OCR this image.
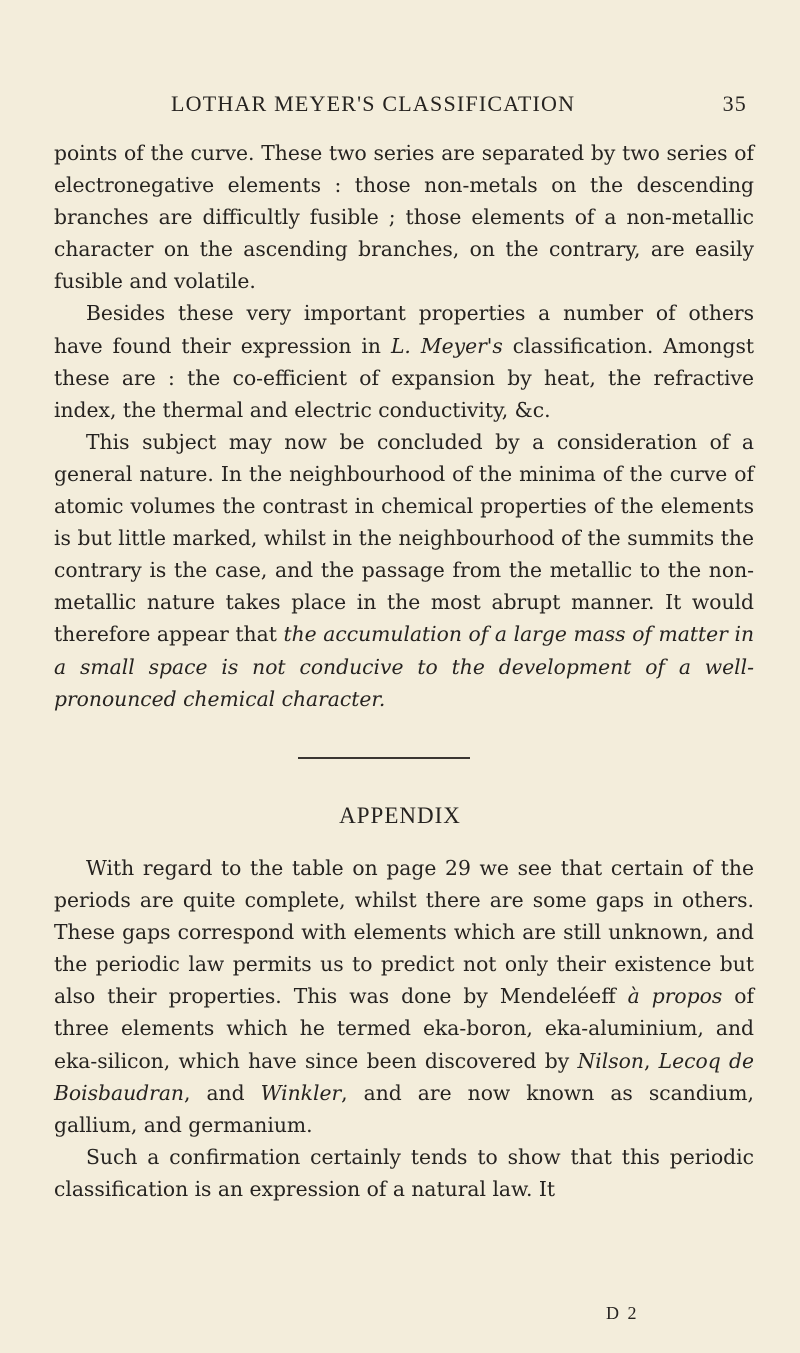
LOTHAR MEYER'S CLASSIFICATION	35

points of the curve. These two series are separated by two series of electronegative elements : those non-metals on the descending branches are difficultly fusible ; those elements of a non-metallic character on the ascending branches, on the contrary, are easily fusible and volatile.

Besides these very important properties a number of others have found their expression in L. Meyer's classification. Amongst these are : the co-efficient of expansion by heat, the refractive index, the thermal and electric conductivity, &c.

This subject may now be concluded by a consideration of a general nature. In the neighbourhood of the minima of the curve of atomic volumes the contrast in chemical properties of the elements is but little marked, whilst in the neighbourhood of the summits the contrary is the case, and the passage from the metallic to the non-metallic nature takes place in the most abrupt manner. It would therefore appear that the accumulation of a large mass of matter in a small space is not conducive to the development of a well-pronounced chemical character.

APPENDIX

With regard to the table on page 29 we see that certain of the periods are quite complete, whilst there are some gaps in others. These gaps correspond with elements which are still unknown, and the periodic law permits us to predict not only their existence but also their properties. This was done by Mendeléeff à propos of three elements which he termed eka-boron, eka-aluminium, and eka-silicon, which have since been discovered by Nilson, Lecoq de Boisbaudran, and Winkler, and are now known as scandium, gallium, and germanium.

Such a confirmation certainly tends to show that this periodic classification is an expression of a natural law. It

D 2
